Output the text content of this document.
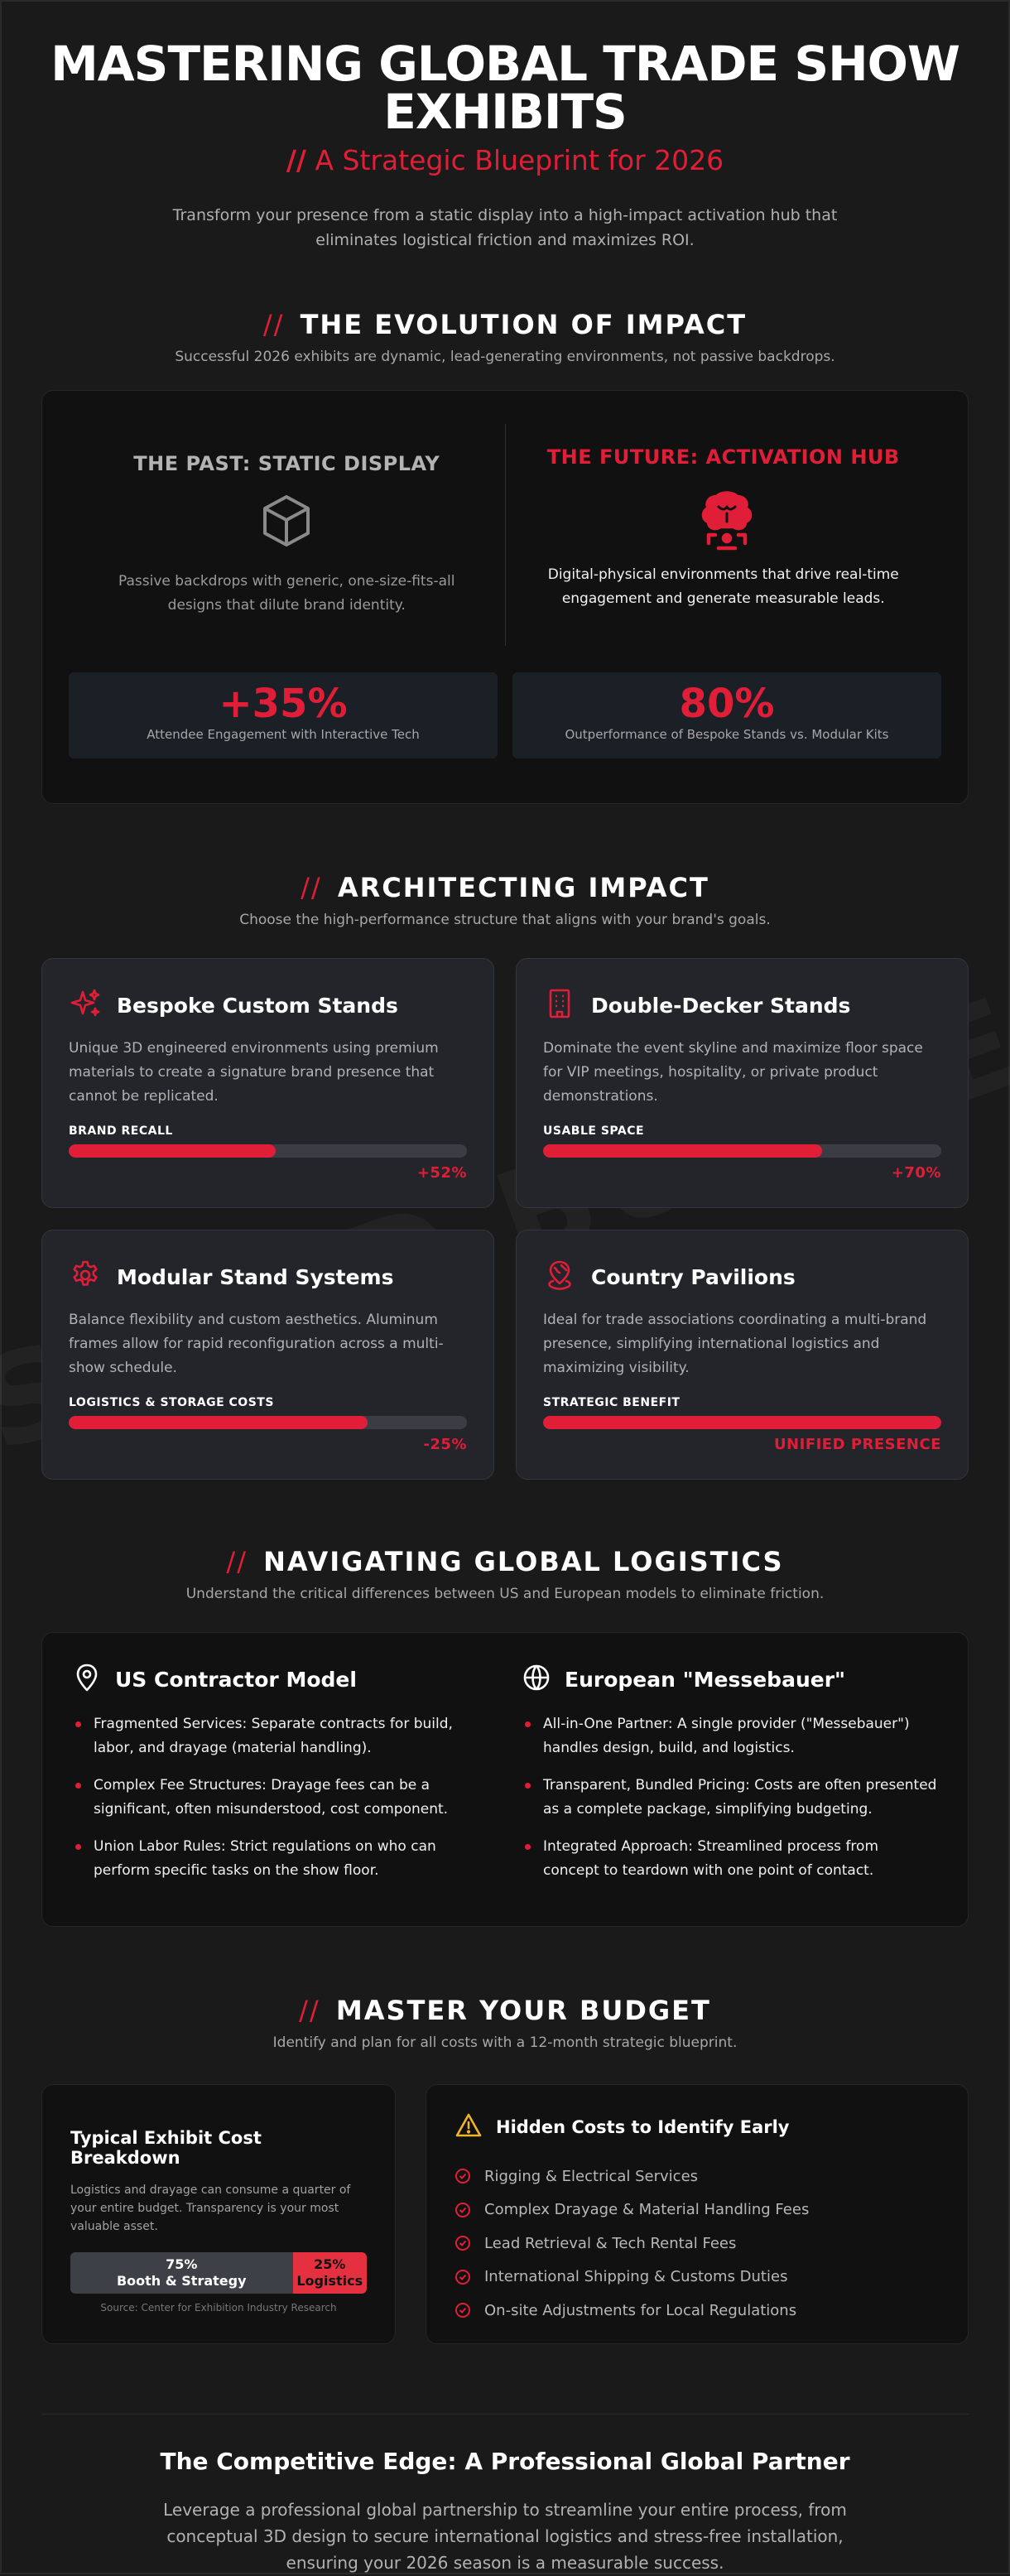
MASTERING GLOBAL TRADE SHOW EXHIBITS
// A Strategic Blueprint for 2026

Transform your presence from a static display into a high-impact activation hub that eliminates logistical friction and maximizes ROI.

// THE EVOLUTION OF IMPACT
Successful 2026 exhibits are dynamic, lead-generating environments, not passive backdrops.
THE PAST: STATIC DISPLAY

Passive backdrops with generic, one-size-fits-all designs that dilute brand identity.

THE FUTURE: ACTIVATION HUB

Digital-physical environments that drive real-time engagement and generate measurable leads.

+35%
Attendee Engagement with Interactive Tech
80%
Outperformance of Bespoke Stands vs. Modular Kits
// ARCHITECTING IMPACT
Choose the high-performance structure that aligns with your brand's goals.
Bespoke Custom Stands

Unique 3D engineered environments using premium materials to create a signature brand presence that cannot be replicated.

BRAND RECALL
+52%
Double-Decker Stands

Dominate the event skyline and maximize floor space for VIP meetings, hospitality, or private product demonstrations.

USABLE SPACE
+70%
Modular Stand Systems

Balance flexibility and custom aesthetics. Aluminum frames allow for rapid reconfiguration across a multi-show schedule.

LOGISTICS & STORAGE COSTS
-25%
Country Pavilions

Ideal for trade associations coordinating a multi-brand presence, simplifying international logistics and maximizing visibility.

STRATEGIC BENEFIT
UNIFIED PRESENCE
// NAVIGATING GLOBAL LOGISTICS
Understand the critical differences between US and European models to eliminate friction.
US Contractor Model
Fragmented Services: Separate contracts for build, labor, and drayage (material handling).
Complex Fee Structures: Drayage fees can be a significant, often misunderstood, cost component.
Union Labor Rules: Strict regulations on who can perform specific tasks on the show floor.
European "Messebauer"
All-in-One Partner: A single provider ("Messebauer") handles design, build, and logistics.
Transparent, Bundled Pricing: Costs are often presented as a complete package, simplifying budgeting.
Integrated Approach: Streamlined process from concept to teardown with one point of contact.
// MASTER YOUR BUDGET
Identify and plan for all costs with a 12-month strategic blueprint.
Typical Exhibit Cost Breakdown

Logistics and drayage can consume a quarter of your entire budget. Transparency is your most valuable asset.

75%
Booth & Strategy
25%
Logistics
Source: Center for Exhibition Industry Research
Hidden Costs to Identify Early
Rigging & Electrical Services
Complex Drayage & Material Handling Fees
Lead Retrieval & Tech Rental Fees
International Shipping & Customs Duties
On-site Adjustments for Local Regulations
The Competitive Edge: A Professional Global Partner

Leverage a professional global partnership to streamline your entire process, from conceptual 3D design to secure international logistics and stress-free installation, ensuring your 2026 season is a measurable success.
